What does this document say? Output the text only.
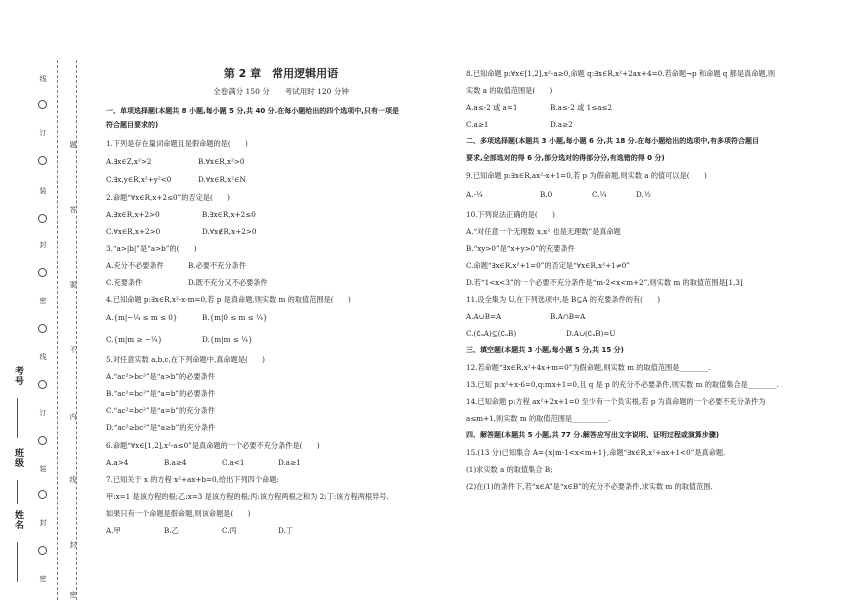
线
订
装
封
密
线
订
装
封
密
题
答
要
不
内
线
封
密
考号
班级
姓名
第 2 章　常用逻辑用语
全卷满分 150 分　　考试用时 120 分钟
一、单项选择题(本题共 8 小题,每小题 5 分,共 40 分.在每小题给出的四个选项中,只有一项是
符合题目要求的)
1.下列是存在量词命题且是假命题的是(　　)
A.∃x∈Z,x²>2	B.∀x∈R,x²>0
C.∃x,y∈R,x²+y²<0	D.∀x∈R,x²∈N
2.命题“∀x∈R,x+2≤0”的否定是(　　)
A.∃x∈R,x+2>0	B.∃x∈R,x+2≤0
C.∀x∈R,x+2>0	D.∀x∉R,x+2>0
3.“a>|b|”是“a>b”的(　　)
A.充分不必要条件	B.必要不充分条件
C.充要条件	D.既不充分又不必要条件
4.已知命题 p:∃x∈R,x²-x-m=0,若 p 是真命题,则实数 m 的取值范围是(　　)
A.{m|−¼ ≤ m ≤ 0}	B.{m|0 ≤ m ≤ ¼}
C.{m|m ≥ −¼}	D.{m|m ≤ ¼}
5.对任意实数 a,b,c,在下列命题中,真命题是(　　)
A.“ac²>bc²”是“a>b”的必要条件
B.“ac²=bc²”是“a=b”的必要条件
C.“ac²=bc²”是“a=b”的充分条件
D.“ac²≥bc²”是“a≥b”的充分条件
6.命题“∀x∈[1,2],x²-a≤0”是真命题的一个必要不充分条件是(　　)
A.a>4	B.a≥4	C.a<1	D.a≥1
7.已知关于 x 的方程 x²+ax+b=0,给出下列四个命题:
甲:x=1 是该方程的根;乙:x=3 是该方程的根;丙:该方程两根之和为 2;丁:该方程两根异号.
如果只有一个命题是假命题,则该命题是(　　)
A.甲	B.乙	C.丙	D.丁
8.已知命题 p:∀x∈[1,2],x²-a≥0,命题 q:∃x∈R,x²+2ax+4=0.若命题¬p 和命题 q 都是真命题,则
实数 a 的取值范围是(　　)
A.a≤-2 或 a=1	B.a≤-2 或 1≤a≤2
C.a≥1	D.a≥2
二、多项选择题(本题共 3 小题,每小题 6 分,共 18 分.在每小题给出的选项中,有多项符合题目
要求,全部选对的得 6 分,部分选对的得部分分,有选错的得 0 分)
9.已知命题 p:∃x∈R,ax²-x+1=0,若 p 为假命题,则实数 a 的值可以是(　　)
A.-¼	B.0	C.¼	D.½
10.下列说法正确的是(　　)
A.“对任意一个无理数 x,x² 也是无理数”是真命题
B.“xy>0”是“x+y>0”的充要条件
C.命题“∃x∈R,x²+1=0”的否定是“∀x∈R,x²+1≠0”
D.若“1<x<3”的一个必要不充分条件是“m-2<x<m+2”,则实数 m 的取值范围是[1,3]
11.设全集为 U,在下列选项中,是 B⊆A 的充要条件的有(　　)
A.A∪B=A	B.A∩B=A
C.(∁ᵤA)⊆(∁ᵤB)	D.A∪(∁ᵤB)=U
三、填空题(本题共 3 小题,每小题 5 分,共 15 分)
12.若命题“∃x∈R,x²+4x+m=0”为假命题,则实数 m 的取值范围是________.
13.已知 p:x²+x-6=0,q:mx+1=0,且 q 是 p 的充分不必要条件,则实数 m 的取值集合是________.
14.已知命题 p:方程 ax²+2x+1=0 至少有一个负实根,若 p 为真命题的一个必要不充分条件为
a≤m+1,则实数 m 的取值范围是__________.
四、解答题(本题共 5 小题,共 77 分.解答应写出文字说明、证明过程或演算步骤)
15.(13 分)已知集合 A={x|m-1<x<m+1},命题“∃x∈R,x²+ax+1<0”是真命题.
(1)求实数 a 的取值集合 B;
(2)在(1)的条件下,若“x∈A”是“x∈B”的充分不必要条件,求实数 m 的取值范围.
